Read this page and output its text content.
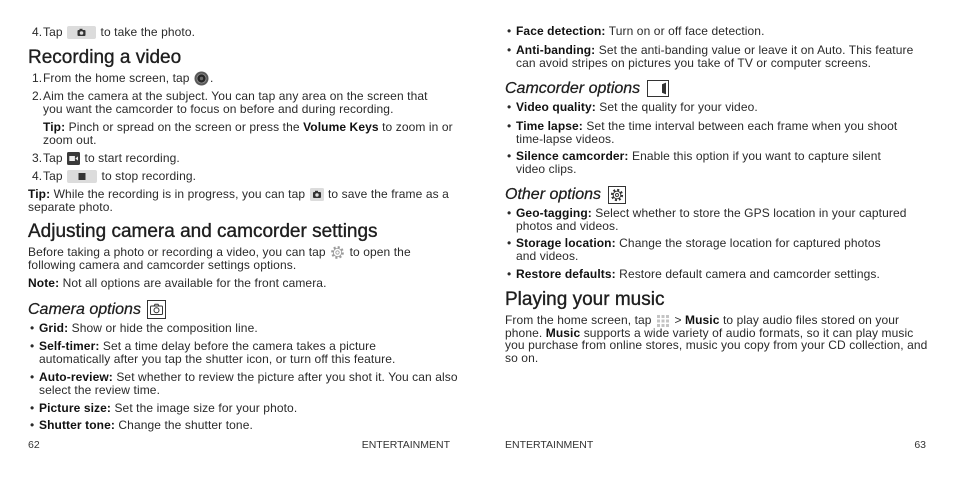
4. Tap	to take the photo.
Recording a video
1. From the home screen, tap .
2. Aim the camera at the subject. You can tap any area on the screen that
you want the camcorder to focus on before and during recording.
Tip: Pinch or spread on the screen or press the Volume Keys to zoom in or
zoom out.
3. Tap to start recording.
4. Tap	to stop recording.
Tip: While the recording is in progress, you can tap to save the frame as a
separate photo.
Adjusting camera and camcorder settings
Before taking a photo or recording a video, you can tap to open the
following camera and camcorder settings options.
Note: Not all options are available for the front camera.
Camera options
• Grid: Show or hide the composition line.
• Self-timer: Set a time delay before the camera takes a picture
automatically after you tap the shutter icon, or turn off this feature.
• Auto-review: Set whether to review the picture after you shot it. You can also
select the review time.
• Picture size: Set the image size for your photo.
• Shutter tone: Change the shutter tone.
62	ENTERTAINMENT
• Face detection: Turn on or off face detection.
• Anti-banding: Set the anti-banding value or leave it on Auto. This feature
can avoid stripes on pictures you take of TV or computer screens.
Camcorder options
• Video quality: Set the quality for your video.
• Time lapse: Set the time interval between each frame when you shoot
time-lapse videos.
• Silence camcorder: Enable this option if you want to capture silent
video clips.
Other options
• Geo-tagging: Select whether to store the GPS location in your captured
photos and videos.
• Storage location: Change the storage location for captured photos
and videos.
• Restore defaults: Restore default camera and camcorder settings.
Playing your music
From the home screen, tap > Music to play audio files stored on your
phone. Music supports a wide variety of audio formats, so it can play music
you purchase from online stores, music you copy from your CD collection, and
so on.
ENTERTAINMENT	63
